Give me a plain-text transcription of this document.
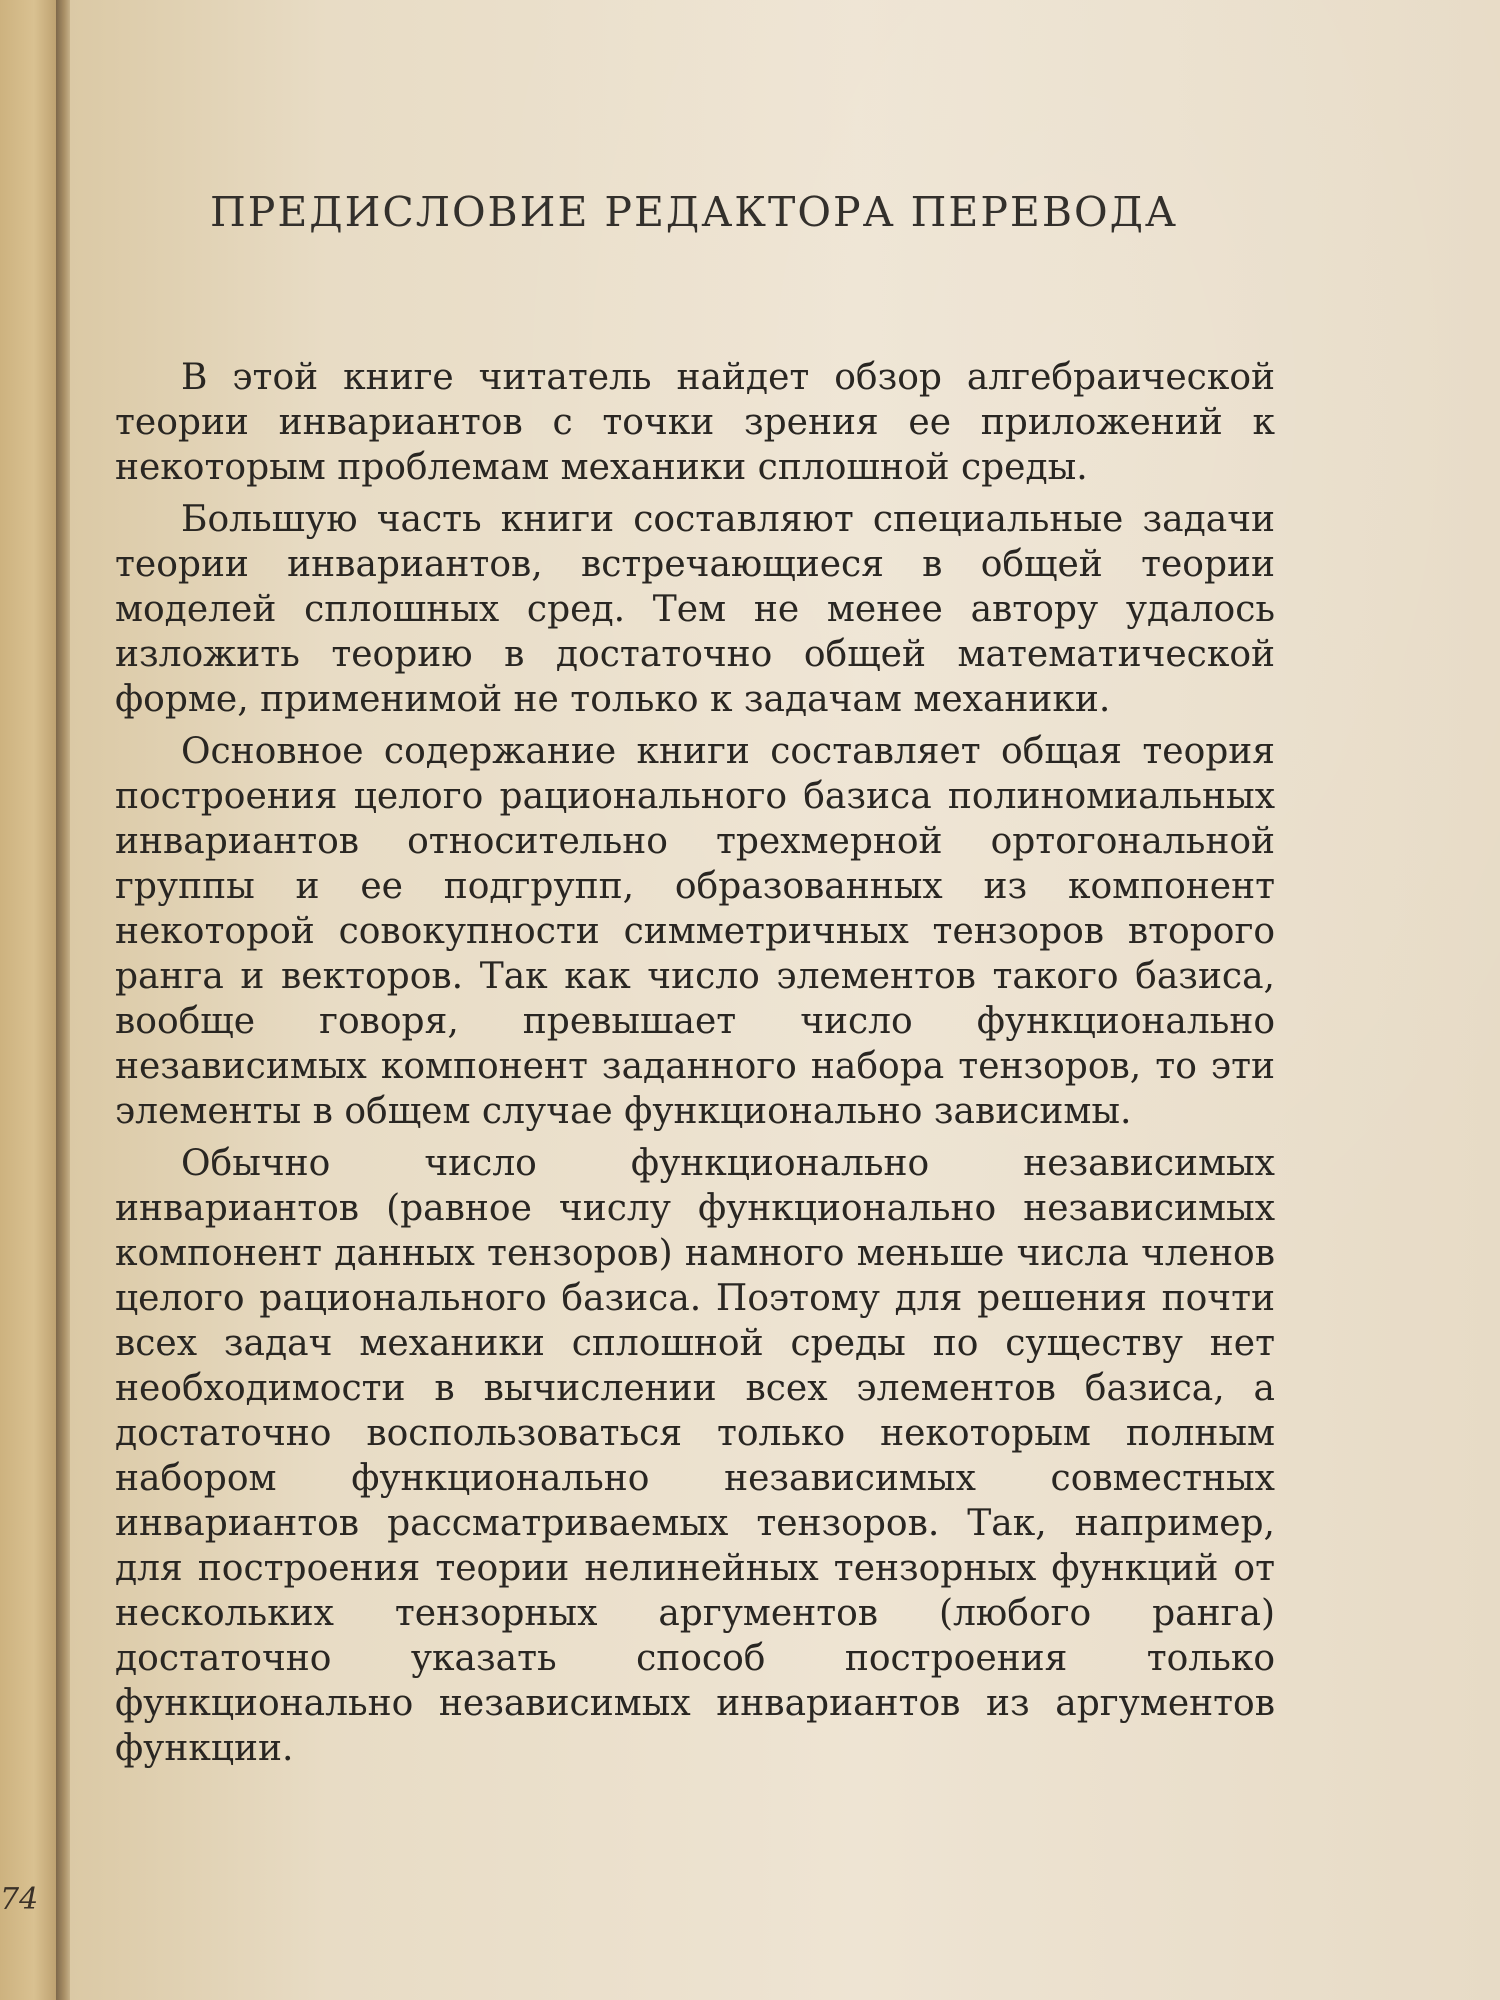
74
ПРЕДИСЛОВИЕ РЕДАКТОРА ПЕРЕВОДА

В этой книге читатель найдет обзор алгебраической теории инвариантов с точки зрения ее приложений к некоторым проблемам механики сплошной среды.

Большую часть книги составляют специальные задачи теории инвариантов, встречающиеся в общей теории моделей сплошных сред. Тем не менее автору удалось изложить теорию в достаточно общей математической форме, применимой не только к задачам механики.

Основное содержание книги составляет общая теория построения целого рационального базиса полиномиальных инвариантов относительно трехмерной ортогональной группы и ее подгрупп, образованных из компонент некоторой совокупности симметричных тензоров второго ранга и векторов. Так как число элементов такого базиса, вообще говоря, превышает число функционально независимых компонент заданного набора тензоров, то эти элементы в общем случае функционально зависимы.

Обычно число функционально независимых инвариантов (равное числу функционально независимых компонент данных тензоров) намного меньше числа членов целого рационального базиса. Поэтому для решения почти всех задач механики сплошной среды по существу нет необходимости в вычислении всех элементов базиса, а достаточно воспользоваться только некоторым полным набором функционально независимых совместных инвариантов рассматриваемых тензоров. Так, например, для построения теории нелинейных тензорных функций от нескольких тензорных аргументов (любого ранга) достаточно указать способ построения только функционально независимых инвариантов из аргументов функции.
